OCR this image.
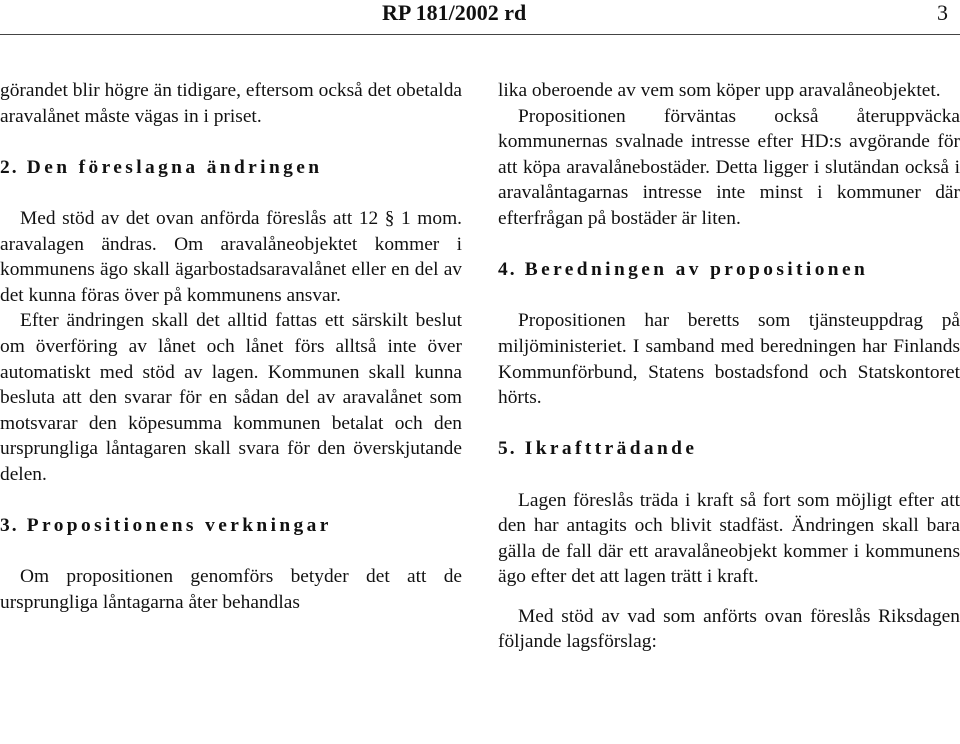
RP 181/2002 rd	3

görandet blir högre än tidigare, eftersom också det obetalda aravalånet måste vägas in i priset.

2. Den föreslagna ändringen

Med stöd av det ovan anförda föreslås att 12 § 1 mom. aravalagen ändras. Om aravalåneobjektet kommer i kommunens ägo skall ägarbostadsaravalånet eller en del av det kunna föras över på kommunens ansvar.

Efter ändringen skall det alltid fattas ett särskilt beslut om överföring av lånet och lånet förs alltså inte över automatiskt med stöd av lagen. Kommunen skall kunna besluta att den svarar för en sådan del av aravalånet som motsvarar den köpesumma kommunen betalat och den ursprungliga låntagaren skall svara för den överskjutande delen.

3. Propositionens verkningar

Om propositionen genomförs betyder det att de ursprungliga låntagarna åter behandlas

lika oberoende av vem som köper upp aravalåneobjektet.

Propositionen förväntas också återuppväcka kommunernas svalnade intresse efter HD:s avgörande för att köpa aravalånebostäder. Detta ligger i slutändan också i aravalåntagarnas intresse inte minst i kommuner där efterfrågan på bostäder är liten.

4. Beredningen av propositionen

Propositionen har beretts som tjänsteuppdrag på miljöministeriet. I samband med beredningen har Finlands Kommunförbund, Statens bostadsfond och Statskontoret hörts.

5. Ikraftträdande

Lagen föreslås träda i kraft så fort som möjligt efter att den har antagits och blivit stadfäst. Ändringen skall bara gälla de fall där ett aravalåneobjekt kommer i kommunens ägo efter det att lagen trätt i kraft.

Med stöd av vad som anförts ovan föreslås Riksdagen följande lagsförslag:
